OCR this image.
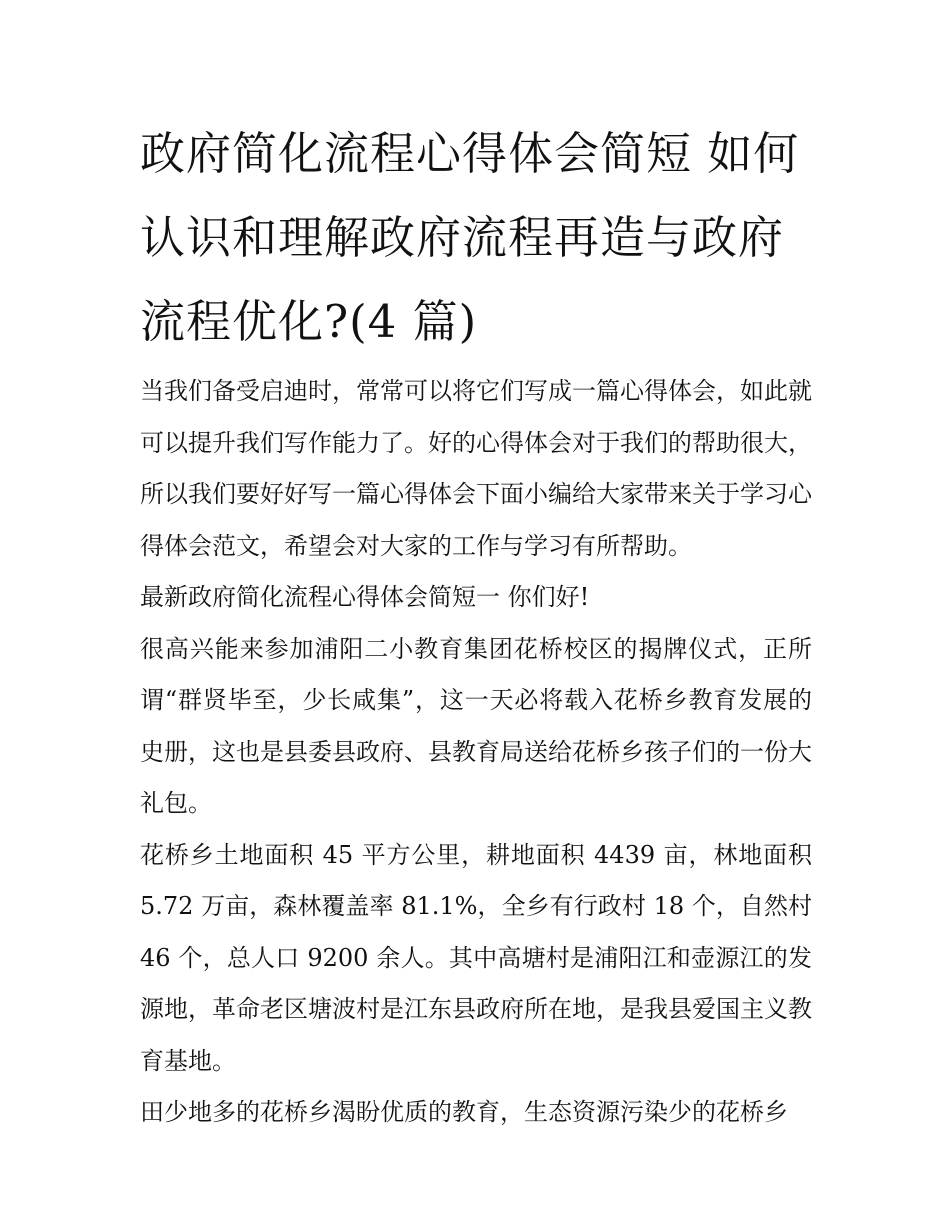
政府简化流程心得体会简短 如何认识和理解政府流程再造与政府流程优化?(4 篇)

当我们备受启迪时，常常可以将它们写成一篇心得体会，如此就可以提升我们写作能力了。好的心得体会对于我们的帮助很大，所以我们要好好写一篇心得体会下面小编给大家带来关于学习心得体会范文，希望会对大家的工作与学习有所帮助。

最新政府简化流程心得体会简短一 你们好!

很高兴能来参加浦阳二小教育集团花桥校区的揭牌仪式，正所谓“群贤毕至，少长咸集”，这一天必将载入花桥乡教育发展的史册，这也是县委县政府、县教育局送给花桥乡孩子们的一份大礼包。

花桥乡土地面积 45 平方公里，耕地面积 4439 亩，林地面积 5.72 万亩，森林覆盖率 81.1%，全乡有行政村 18 个，自然村 46 个，总人口 9200 余人。其中高塘村是浦阳江和壶源江的发源地，革命老区塘波村是江东县政府所在地，是我县爱国主义教育基地。

田少地多的花桥乡渴盼优质的教育，生态资源污染少的花桥乡
